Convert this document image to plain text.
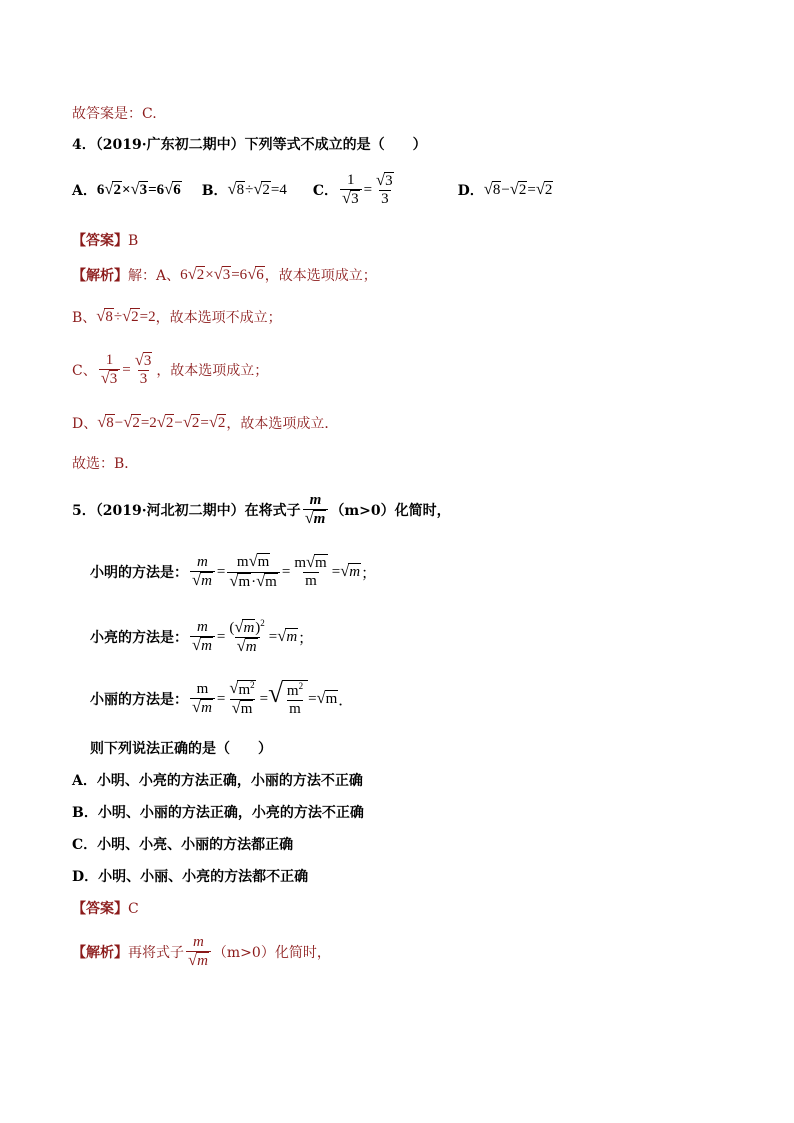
故答案是：C.
4．（2019·广东初二期中）下列等式不成立的是（　　）
A． 6 √ 2 × √ 3 =6 √ 6 B． √ 8 ÷ √ 2 =4 C． $\frac{1}{√ 3} = \frac{√ 3}{3}$	D． √ 8 − √ 2 = √ 2
【答案】B
【解析】 解：A、 6 √ 2 × √ 3 =6 √ 6 ，故本选项成立；
B、 √ 8 ÷ √ 2 =2 ，故本选项不成立；
C、 $\frac{1}{√ 3} = \frac{√ 3}{3}$ ，故本选项成立；
D、 √ 8 − √ 2 =2 √ 2 − √ 2 = √ 2 ，故本选项成立．
故选：B．
5．（2019·河北初二期中）在将式子 $\frac{m}{√ m} (m>0)$化简时，
小明的方法是： $\frac{m}{√ m} = \frac{m √ m}{√ m \cdot √ m} = \frac{m √ m}{m}$ = √ m ；
小亮的方法是： $\frac{m}{√ m} = \frac{( √ m )^2}{√ m}$ = √ m ；
小丽的方法是： $\frac{m}{√ m} = \frac{√ m^2}{√ m}$ = √ $\frac{m^2}{m}$ = √ m ．
则下列说法正确的是（　　）
A．小明、小亮的方法正确，小丽的方法不正确
B．小明、小丽的方法正确，小亮的方法不正确
C．小明、小亮、小丽的方法都正确
D．小明、小丽、小亮的方法都不正确
【答案】C
【解析】 再将式子 $\frac{m}{√ m} (m>0)$化简时，
